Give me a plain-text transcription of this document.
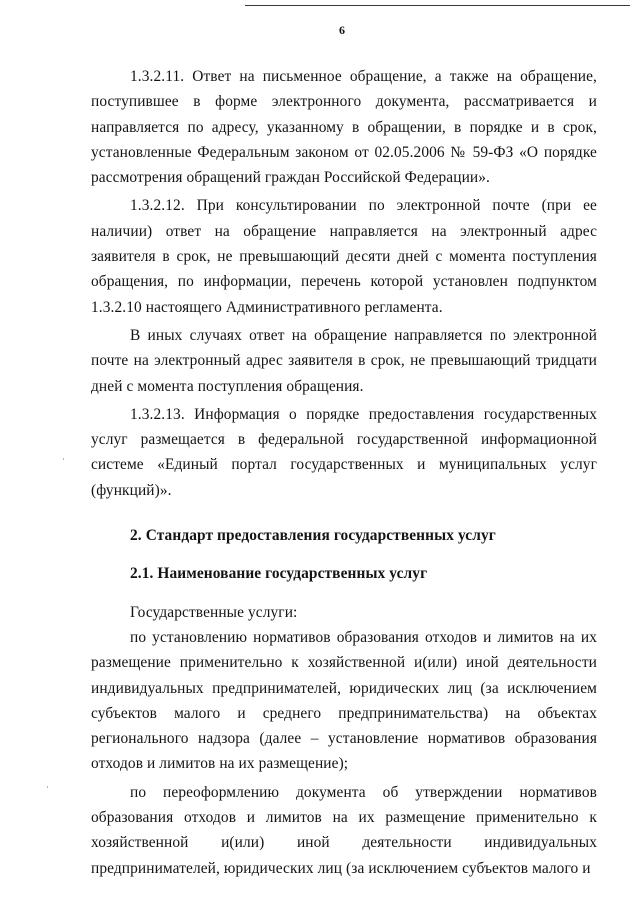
6
·
·

1.3.2.11. Ответ на письменное обращение, а также на обращение, поступившее в форме электронного документа, рассматривается и направляется по адресу, указанному в обращении, в порядке и в срок, установленные Федеральным законом от 02.05.2006 № 59-ФЗ «О порядке рассмотрения обращений граждан Российской Федерации».

1.3.2.12. При консультировании по электронной почте (при ее наличии) ответ на обращение направляется на электронный адрес заявителя в срок, не превышающий десяти дней с момента поступления обращения, по информации, перечень которой установлен подпунктом 1.3.2.10 настоящего Административного регламента.

В иных случаях ответ на обращение направляется по электронной почте на электронный адрес заявителя в срок, не превышающий тридцати дней с момента поступления обращения.

1.3.2.13. Информация о порядке предоставления государственных услуг размещается в федеральной государственной информационной системе «Единый портал государственных и муниципальных услуг (функций)».

2. Стандарт предоставления государственных услуг

2.1. Наименование государственных услуг

Государственные услуги:

по установлению нормативов образования отходов и лимитов на их размещение применительно к хозяйственной и(или) иной деятельности индивидуальных предпринимателей, юридических лиц (за исключением субъектов малого и среднего предпринимательства) на объектах регионального надзора (далее – установление нормативов образования отходов и лимитов на их размещение);

по переоформлению документа об утверждении нормативов образования отходов и лимитов на их размещение применительно к хозяйственной и(или) иной деятельности индивидуальных предпринимателей, юридических лиц (за исключением субъектов малого и
